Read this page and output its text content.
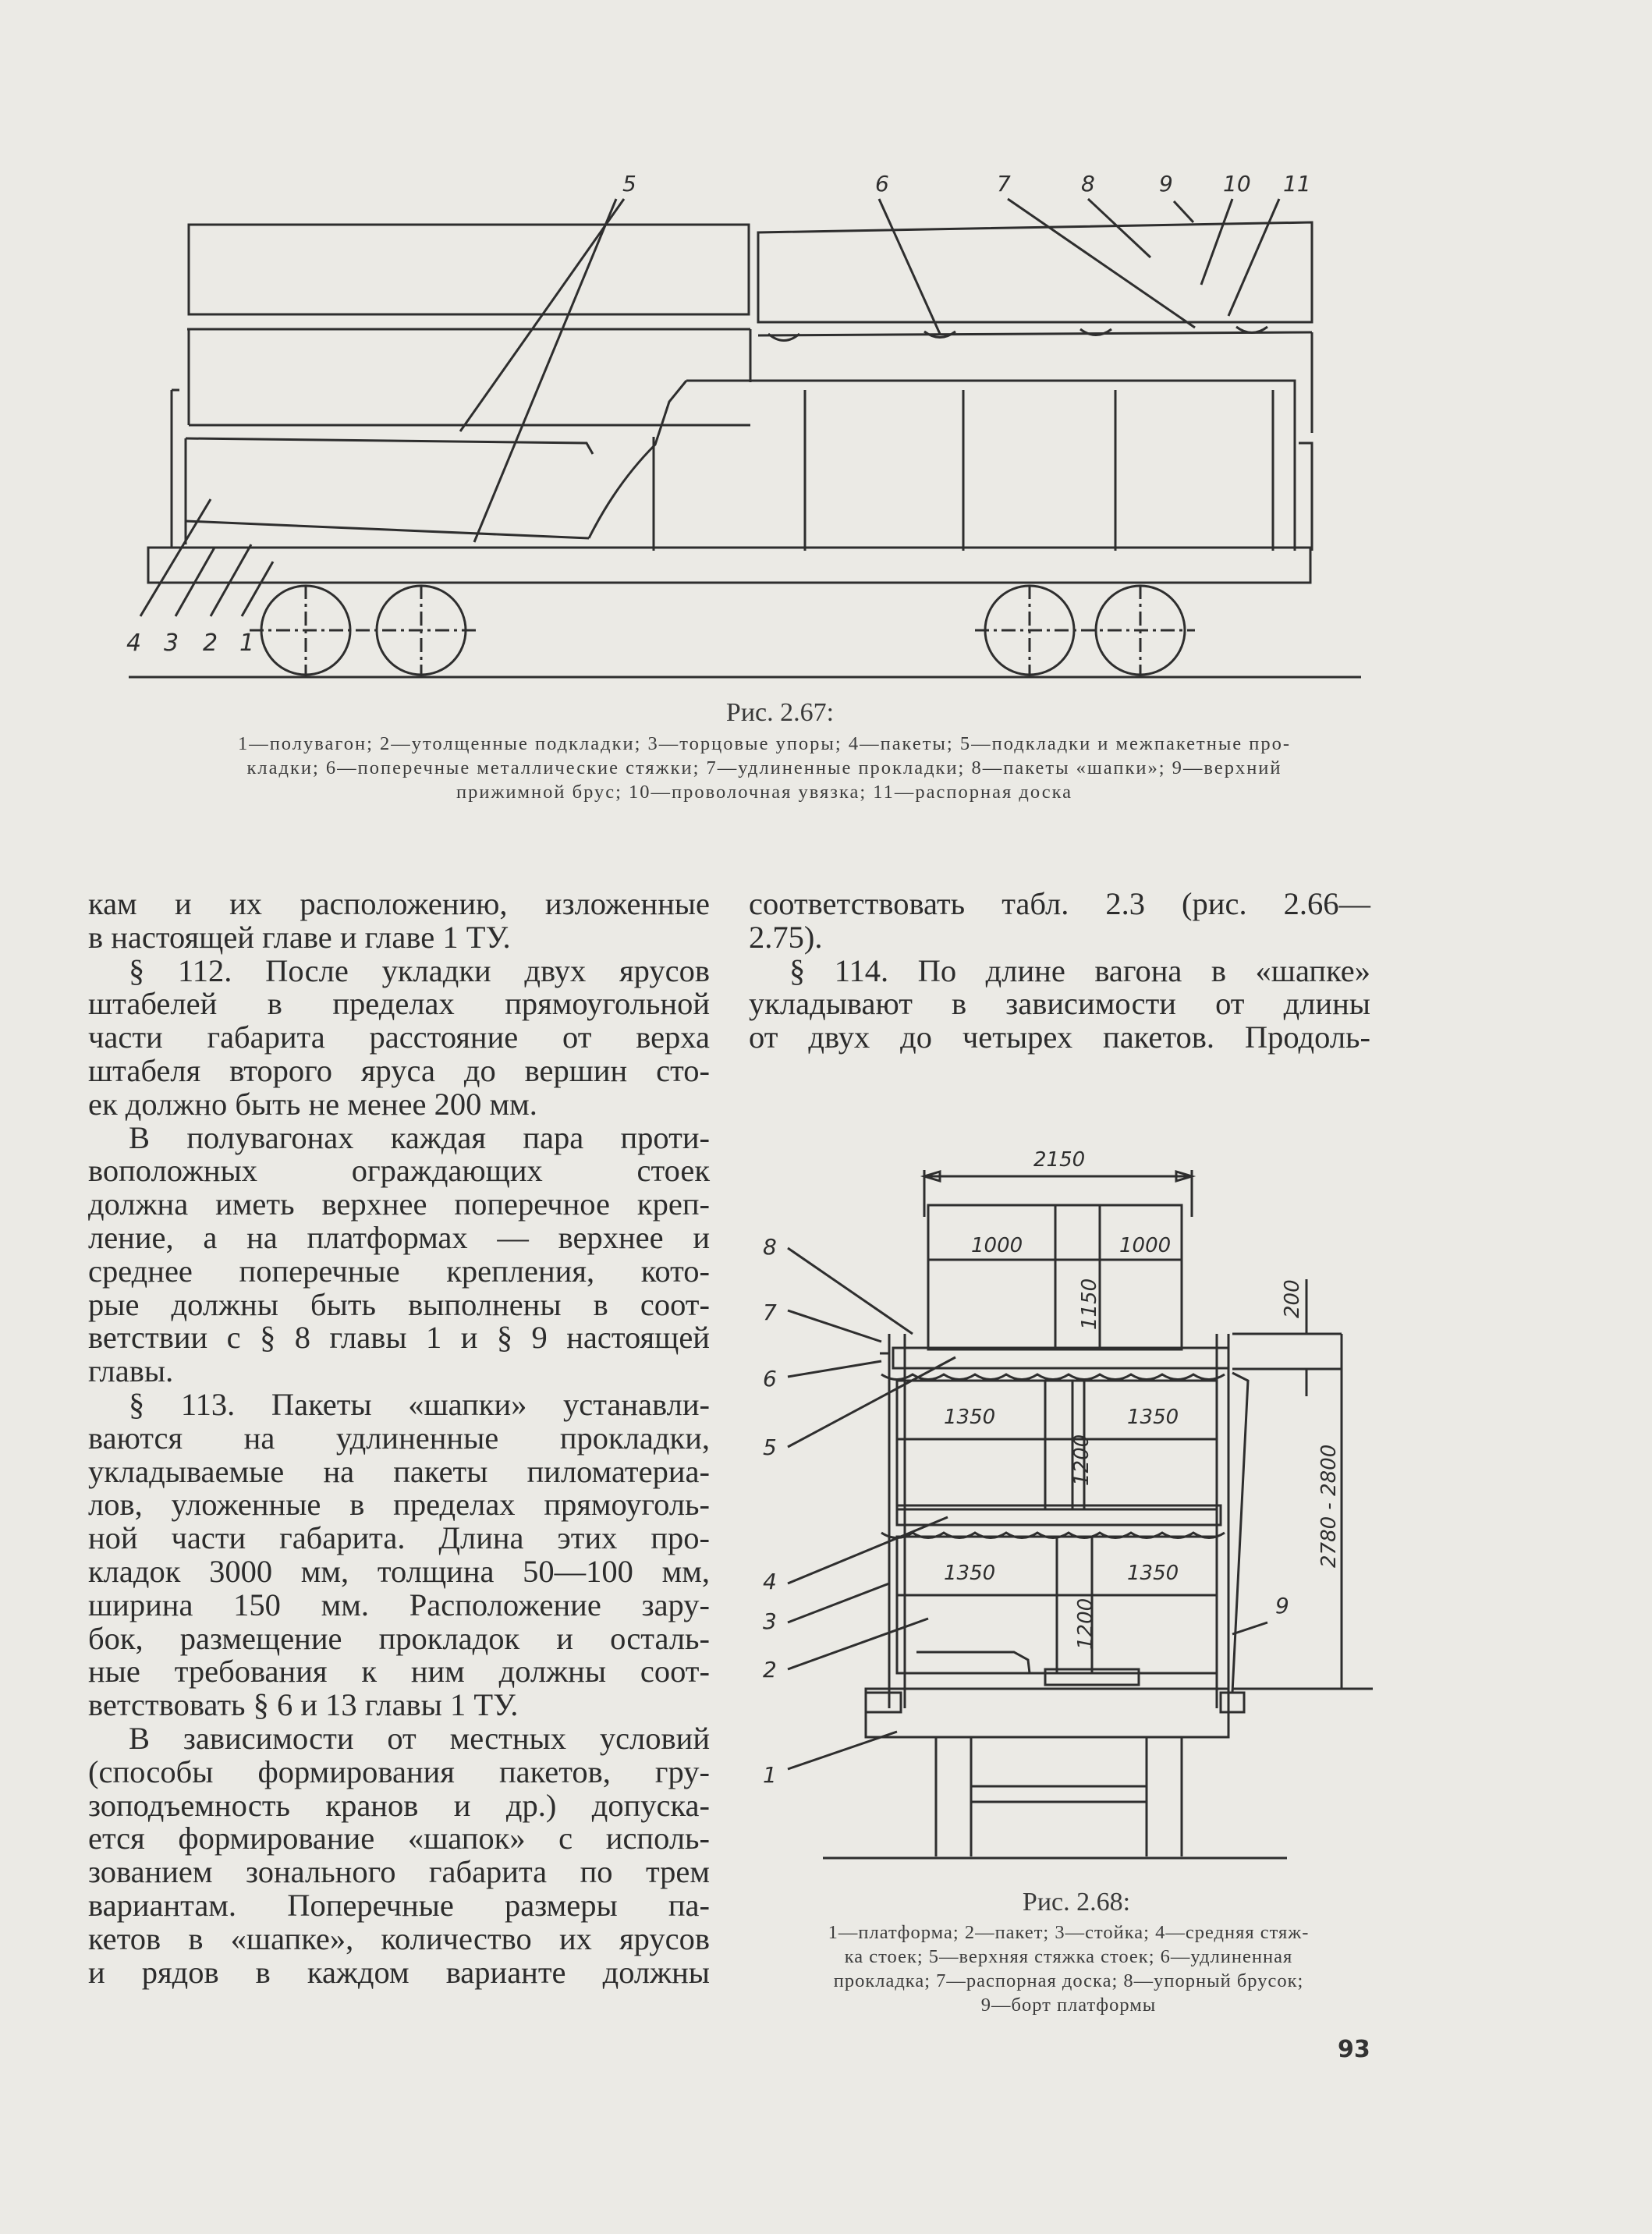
5	6	7	8	9 10 11
4 3 2 1
Рис. 2.67:
1—полувагон; 2—утолщенные подкладки; 3—торцовые упоры; 4—пакеты; 5—подкладки и межпакетные про-
кладки; 6—поперечные металлические стяжки; 7—удлиненные прокладки; 8—пакеты «шапки»; 9—верхний
прижимной брус; 10—проволочная увязка; 11—распорная доска

кам и их расположению, изложенные

в настоящей главе и главе 1 ТУ.

§ 112. После укладки двух ярусов

штабелей в пределах прямоугольной

части габарита расстояние от верха

штабеля второго яруса до вершин сто-

ек должно быть не менее 200 мм.

В полувагонах каждая пара проти-

воположных ограждающих стоек

должна иметь верхнее поперечное креп-

ление, а на платформах — верхнее и

среднее поперечные крепления, кото-

рые должны быть выполнены в соот-

ветствии с § 8 главы 1 и § 9 настоящей

главы.

§ 113. Пакеты «шапки» устанавли-

ваются на удлиненные прокладки,

укладываемые на пакеты пиломатериа-

лов, уложенные в пределах прямоуголь-

ной части габарита. Длина этих про-

кладок 3000 мм, толщина 50—100 мм,

ширина 150 мм. Расположение зару-

бок, размещение прокладок и осталь-

ные требования к ним должны соот-

ветствовать § 6 и 13 главы 1 ТУ.

В зависимости от местных условий

(способы формирования пакетов, гру-

зоподъемность кранов и др.) допуска-

ется формирование «шапок» с исполь-

зованием зонального габарита по трем

вариантам. Поперечные размеры па-

кетов в «шапке», количество их ярусов

и рядов в каждом варианте должны

соответствовать табл. 2.3 (рис. 2.66—

2.75).

§ 114. По длине вагона в «шапке»

укладывают в зависимости от длины

от двух до четырех пакетов. Продоль-

2150
1000	1000
1150	200
1350	1350
1200
1350	1350
1200
2780 - 2800
8
7
6
5
4
3
2
1
9
Рис. 2.68:
1—платформа; 2—пакет; 3—стойка; 4—средняя стяж-
ка стоек; 5—верхняя стяжка стоек; 6—удлиненная
прокладка; 7—распорная доска; 8—упорный брусок;
9—борт платформы
93
